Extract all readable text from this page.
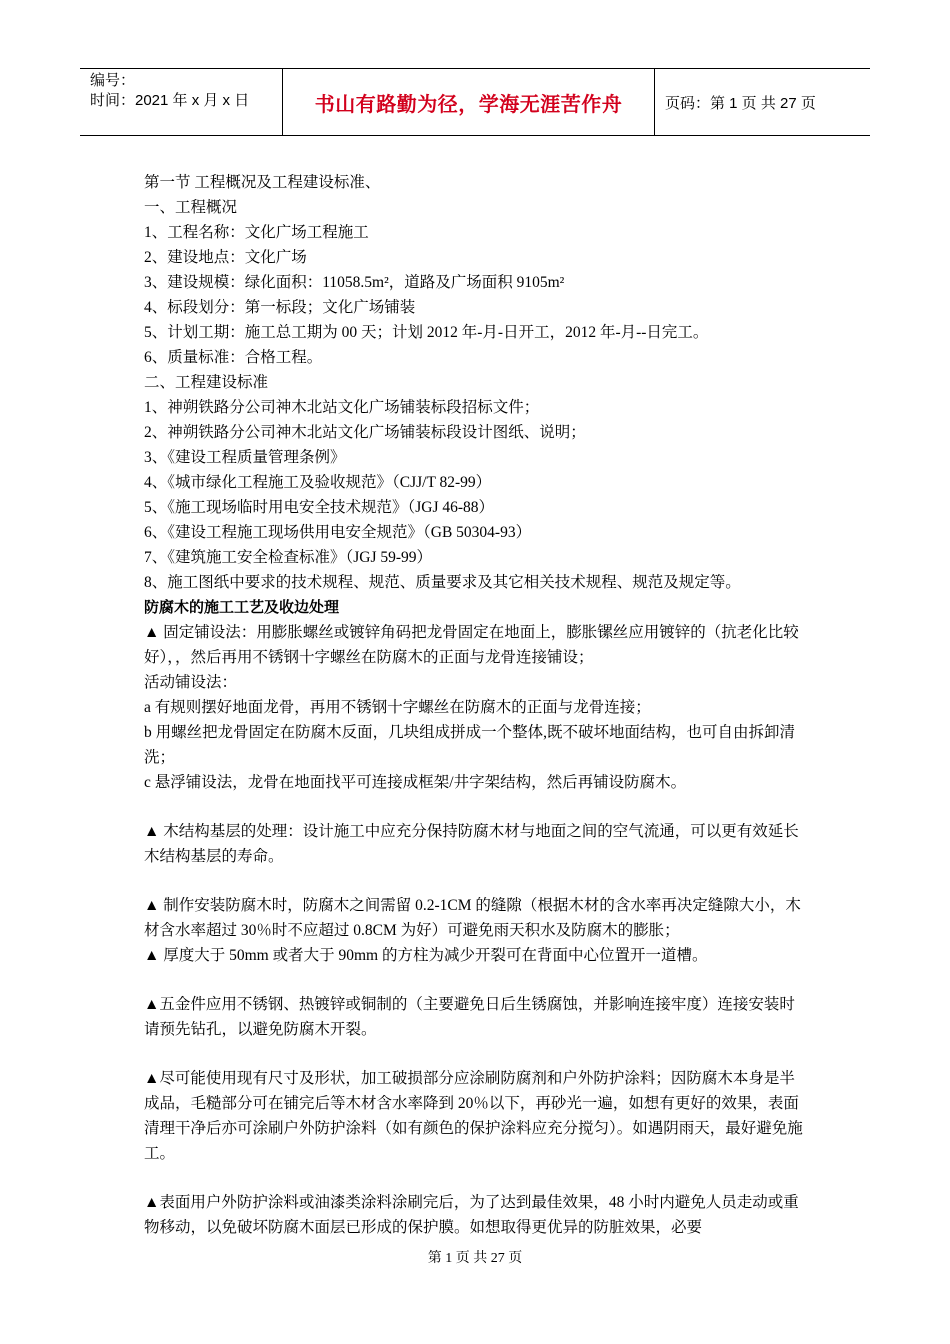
编号：
时间：2021 年 x 月 x 日	书山有路勤为径，学海无涯苦作舟	页码：第 1 页 共 27 页

第一节 工程概况及工程建设标准、

一、工程概况

1、工程名称：文化广场工程施工

2、建设地点：文化广场

3、建设规模：绿化面积：11058.5m²，道路及广场面积 9105m²

4、标段划分：第一标段；文化广场铺装

5、计划工期：施工总工期为 00 天；计划 2012 年-月-日开工，2012 年-月--日完工。

6、质量标准：合格工程。

二、工程建设标准

1、神朔铁路分公司神木北站文化广场铺装标段招标文件；

2、神朔铁路分公司神木北站文化广场铺装标段设计图纸、说明；

3、《建设工程质量管理条例》

4、《城市绿化工程施工及验收规范》（CJJ/T 82-99）

5、《施工现场临时用电安全技术规范》（JGJ 46-88）

6、《建设工程施工现场供用电安全规范》（GB 50304-93）

7、《建筑施工安全检查标准》（JGJ 59-99）

8、施工图纸中要求的技术规程、规范、质量要求及其它相关技术规程、规范及规定等。

防腐木的施工工艺及收边处理

▲ 固定铺设法：用膨胀螺丝或镀锌角码把龙骨固定在地面上，膨胀镙丝应用镀锌的（抗老化比较好），，然后再用不锈钢十字螺丝在防腐木的正面与龙骨连接铺设；

活动铺设法：

a 有规则摆好地面龙骨，再用不锈钢十字螺丝在防腐木的正面与龙骨连接；

b 用螺丝把龙骨固定在防腐木反面，几块组成拼成一个整体,既不破坏地面结构，也可自由拆卸清洗；

c 悬浮铺设法，龙骨在地面找平可连接成框架/井字架结构，然后再铺设防腐木。

▲ 木结构基层的处理：设计施工中应充分保持防腐木材与地面之间的空气流通，可以更有效延长木结构基层的寿命。

▲ 制作安装防腐木时，防腐木之间需留 0.2-1CM 的缝隙（根据木材的含水率再决定缝隙大小，木材含水率超过 30％时不应超过 0.8CM 为好）可避免雨天积水及防腐木的膨胀；

▲ 厚度大于 50mm 或者大于 90mm 的方柱为减少开裂可在背面中心位置开一道槽。

▲五金件应用不锈钢、热镀锌或铜制的（主要避免日后生锈腐蚀，并影响连接牢度）连接安装时请预先钻孔，以避免防腐木开裂。

▲尽可能使用现有尺寸及形状，加工破损部分应涂刷防腐剂和户外防护涂料；因防腐木本身是半成品，毛糙部分可在铺完后等木材含水率降到 20％以下，再砂光一遍，如想有更好的效果，表面清理干净后亦可涂刷户外防护涂料（如有颜色的保护涂料应充分搅匀）。如遇阴雨天，最好避免施工。

▲表面用户外防护涂料或油漆类涂料涂刷完后，为了达到最佳效果，48 小时内避免人员走动或重物移动，以免破坏防腐木面层已形成的保护膜。如想取得更优异的防脏效果，必要

第 1 页 共 27 页
